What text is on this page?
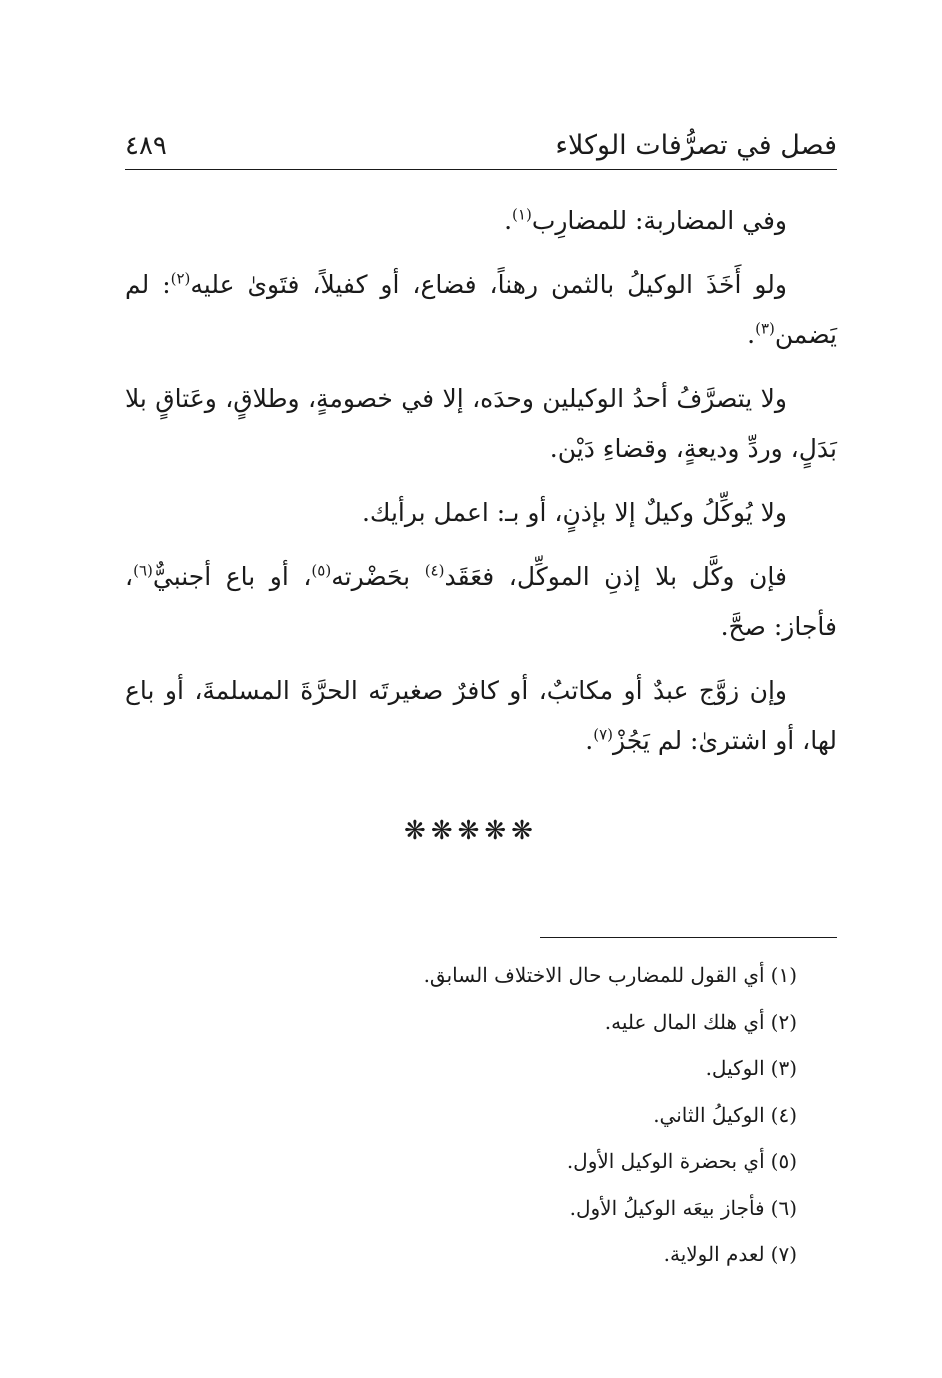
فصل في تصرُّفات الوكلاء
٤٨٩

وفي المضاربة: للمضارِب$^{(١)}$.

ولو أَخَذَ الوكيلُ بالثمن رهناً، فضاع، أو كفيلاً، فتَوىٰ عليه$^{(٢)}$: لم يَضمن$^{(٣)}$.

ولا يتصرَّفُ أحدُ الوكيلين وحدَه، إلا في خصومةٍ، وطلاقٍ، وعَتاقٍ بلا بَدَلٍ، وردِّ وديعةٍ، وقضاءِ دَيْن.

ولا يُوكِّلُ وكيلٌ إلا بإذنٍ، أو بـ: اعمل برأيك.

فإن وكَّل بلا إذنِ الموكِّل، فعَقَد$^{(٤)}$ بحَضْرته$^{(٥)}$، أو باع أجنبيٌّ$^{(٦)}$، فأجاز: صحَّ.

وإن زوَّج عبدٌ أو مكاتبٌ، أو كافرٌ صغيرتَه الحرَّةَ المسلمةَ، أو باع لها، أو اشترىٰ: لم يَجُزْ$^{(٧)}$.

❋❋❋❋❋
(١)أي القول للمضارب حال الاختلاف السابق.
(٢)أي هلك المال عليه.
(٣)الوكيل.
(٤)الوكيلُ الثاني.
(٥)أي بحضرة الوكيل الأول.
(٦)فأجاز بيعَه الوكيلُ الأول.
(٧)لعدم الولاية.
